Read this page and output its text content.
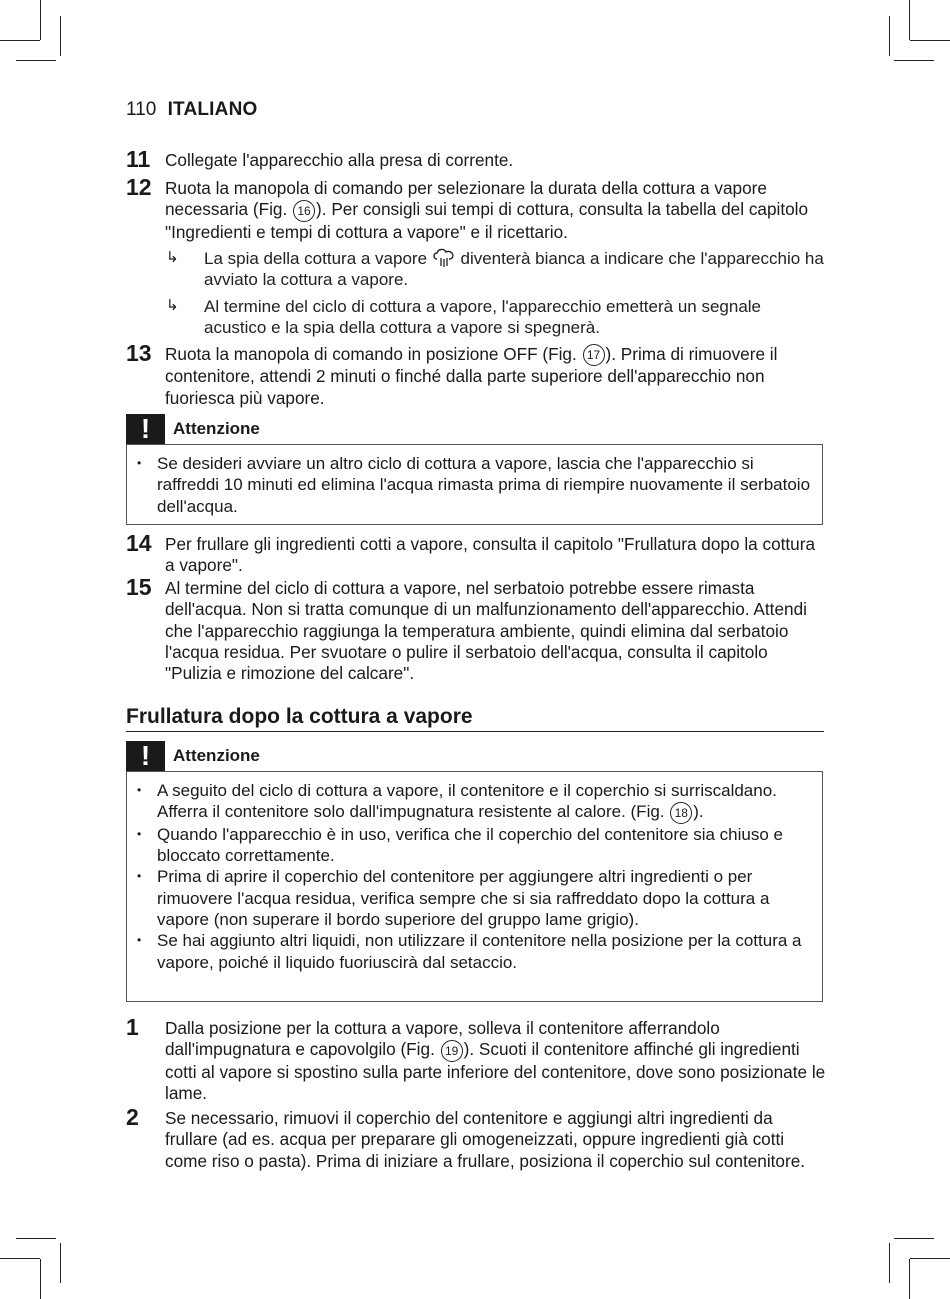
110 ITALIANO
11 Collegate l'apparecchio alla presa di corrente.
12 Ruota la manopola di comando per selezionare la durata della cottura a vapore necessaria (Fig. 16 ). Per consigli sui tempi di cottura, consulta la tabella del capitolo "Ingredienti e tempi di cottura a vapore" e il ricettario.
↳ La spia della cottura a vapore  diventerà bianca a indicare che l'apparecchio ha avviato la cottura a vapore.
↳ Al termine del ciclo di cottura a vapore, l'apparecchio emetterà un segnale acustico e la spia della cottura a vapore si spegnerà.
13 Ruota la manopola di comando in posizione OFF (Fig. 17 ). Prima di rimuovere il contenitore, attendi 2 minuti o finché dalla parte superiore dell'apparecchio non fuoriesca più vapore.
!	Attenzione
• Se desideri avviare un altro ciclo di cottura a vapore, lascia che l'apparecchio si raffreddi 10 minuti ed elimina l'acqua rimasta prima di riempire nuovamente il serbatoio dell'acqua.
14 Per frullare gli ingredienti cotti a vapore, consulta il capitolo "Frullatura dopo la cottura a vapore".
15 Al termine del ciclo di cottura a vapore, nel serbatoio potrebbe essere rimasta dell'acqua. Non si tratta comunque di un malfunzionamento dell'apparecchio. Attendi che l'apparecchio raggiunga la temperatura ambiente, quindi elimina dal serbatoio l'acqua residua. Per svuotare o pulire il serbatoio dell'acqua, consulta il capitolo "Pulizia e rimozione del calcare".
Frullatura dopo la cottura a vapore
!	Attenzione
• A seguito del ciclo di cottura a vapore, il contenitore e il coperchio si surriscaldano. Afferra il contenitore solo dall'impugnatura resistente al calore. (Fig. 18 ).
• Quando l'apparecchio è in uso, verifica che il coperchio del contenitore sia chiuso e bloccato correttamente.
• Prima di aprire il coperchio del contenitore per aggiungere altri ingredienti o per rimuovere l'acqua residua, verifica sempre che si sia raffreddato dopo la cottura a vapore (non superare il bordo superiore del gruppo lame grigio).
• Se hai aggiunto altri liquidi, non utilizzare il contenitore nella posizione per la cottura a vapore, poiché il liquido fuoriuscirà dal setaccio.
1 Dalla posizione per la cottura a vapore, solleva il contenitore afferrandolo dall'impugnatura e capovolgilo (Fig. 19 ). Scuoti il contenitore affinché gli ingredienti cotti al vapore si spostino sulla parte inferiore del contenitore, dove sono posizionate le lame.
2 Se necessario, rimuovi il coperchio del contenitore e aggiungi altri ingredienti da frullare (ad es. acqua per preparare gli omogeneizzati, oppure ingredienti già cotti come riso o pasta). Prima di iniziare a frullare, posiziona il coperchio sul contenitore.
